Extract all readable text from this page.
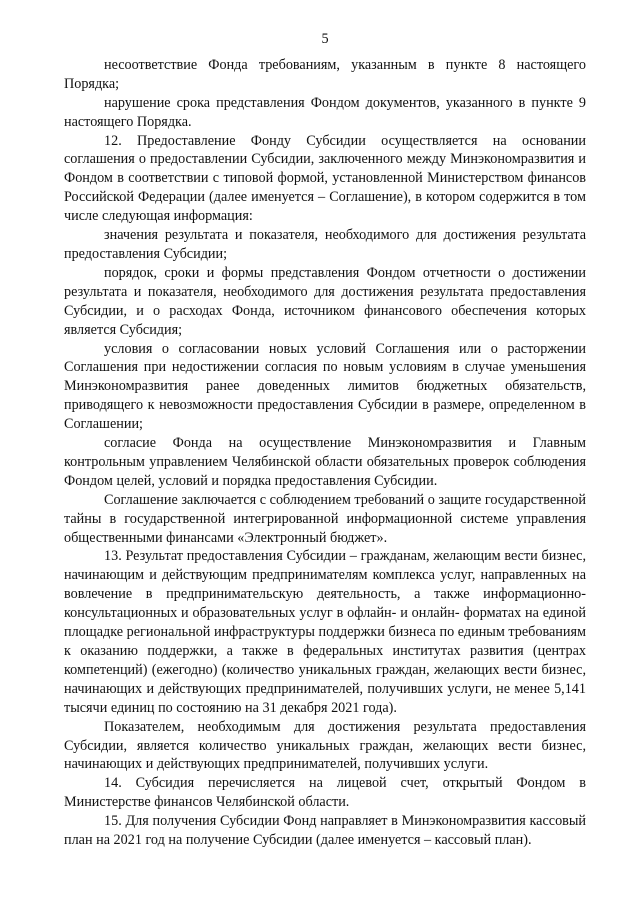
5

несоответствие Фонда требованиям, указанным в пункте 8 настоящего Порядка;

нарушение срока представления Фондом документов, указанного в пункте 9 настоящего Порядка.

12. Предоставление Фонду Субсидии осуществляется на основании соглашения о предоставлении Субсидии, заключенного между Минэкономразвития и Фондом в соответствии с типовой формой, установленной Министерством финансов Российской Федерации (далее именуется – Соглашение), в котором содержится в том числе следующая информация:

значения результата и показателя, необходимого для достижения результата предоставления Субсидии;

порядок, сроки и формы представления Фондом отчетности о достижении результата и показателя, необходимого для достижения результата предоставления Субсидии, и о расходах Фонда, источником финансового обеспечения которых является Субсидия;

условия о согласовании новых условий Соглашения или о расторжении Соглашения при недостижении согласия по новым условиям в случае уменьшения Минэкономразвития ранее доведенных лимитов бюджетных обязательств, приводящего к невозможности предоставления Субсидии в размере, определенном в Соглашении;

согласие Фонда на осуществление Минэкономразвития и Главным контрольным управлением Челябинской области обязательных проверок соблюдения Фондом целей, условий и порядка предоставления Субсидии.

Соглашение заключается с соблюдением требований о защите государственной тайны в государственной интегрированной информационной системе управления общественными финансами «Электронный бюджет».

13. Результат предоставления Субсидии – гражданам, желающим вести бизнес, начинающим и действующим предпринимателям комплекса услуг, направленных на вовлечение в предпринимательскую деятельность, а также информационно-консультационных и образовательных услуг в офлайн- и онлайн- форматах на единой площадке региональной инфраструктуры поддержки бизнеса по единым требованиям к оказанию поддержки, а также в федеральных институтах развития (центрах компетенций) (ежегодно) (количество уникальных граждан, желающих вести бизнес, начинающих и действующих предпринимателей, получивших услуги, не менее 5,141 тысячи единиц по состоянию на 31 декабря 2021 года).

Показателем, необходимым для достижения результата предоставления Субсидии, является количество уникальных граждан, желающих вести бизнес, начинающих и действующих предпринимателей, получивших услуги.

14. Субсидия перечисляется на лицевой счет, открытый Фондом в Министерстве финансов Челябинской области.

15. Для получения Субсидии Фонд направляет в Минэкономразвития кассовый план на 2021 год на получение Субсидии (далее именуется – кассовый план).
